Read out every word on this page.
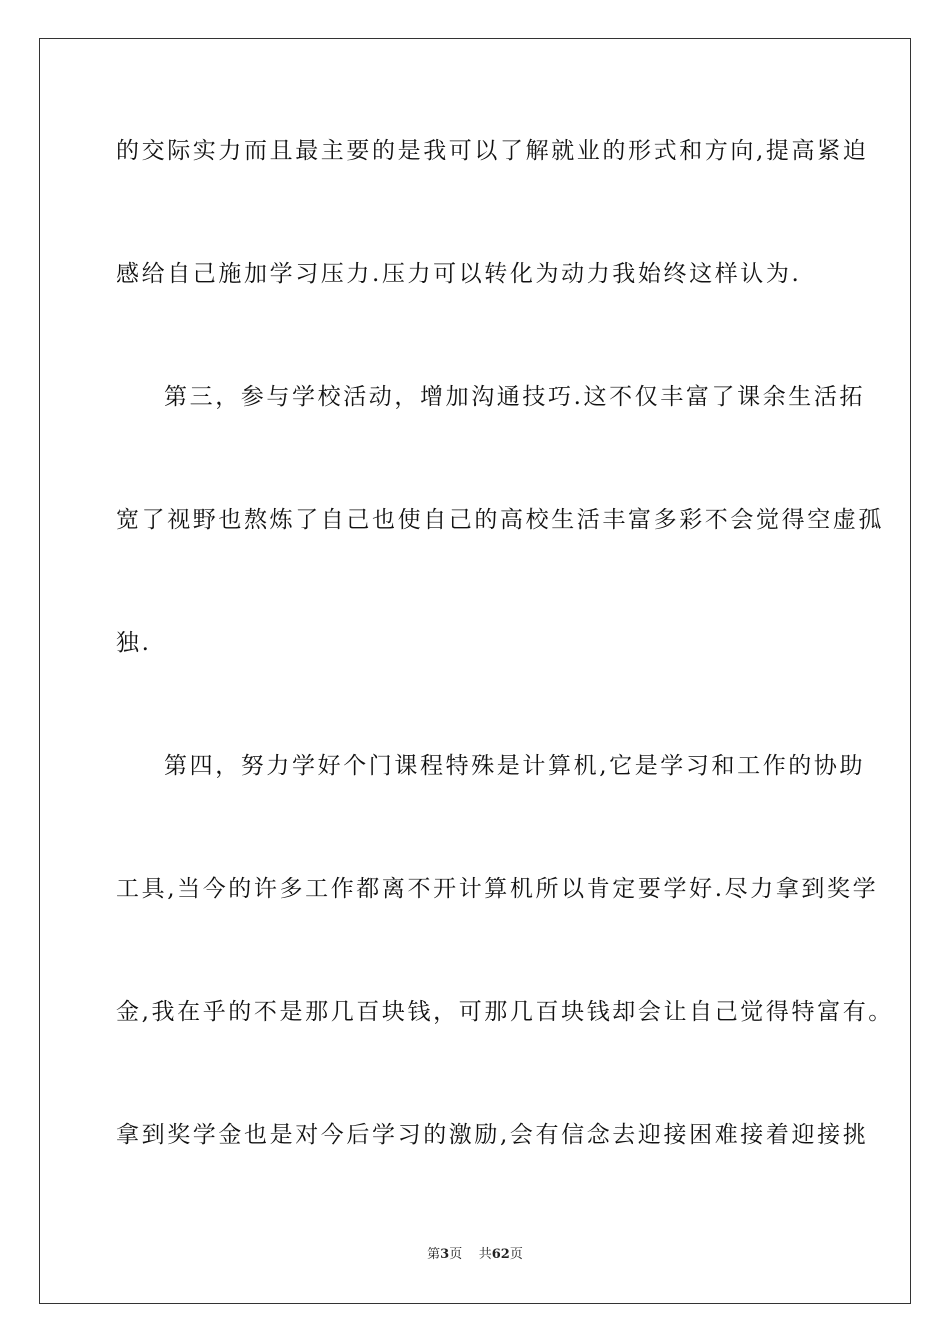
的交际实力而且最主要的是我可以了解就业的形式和方向,提高紧迫
感给自己施加学习压力.压力可以转化为动力我始终这样认为.
第三，参与学校活动，增加沟通技巧.这不仅丰富了课余生活拓
宽了视野也熬炼了自己也使自己的高校生活丰富多彩不会觉得空虚孤
独.
第四，努力学好个门课程特殊是计算机,它是学习和工作的协助
工具,当今的许多工作都离不开计算机所以肯定要学好.尽力拿到奖学
金,我在乎的不是那几百块钱，可那几百块钱却会让自己觉得特富有。
拿到奖学金也是对今后学习的激励,会有信念去迎接困难接着迎接挑
第3页 共62页
